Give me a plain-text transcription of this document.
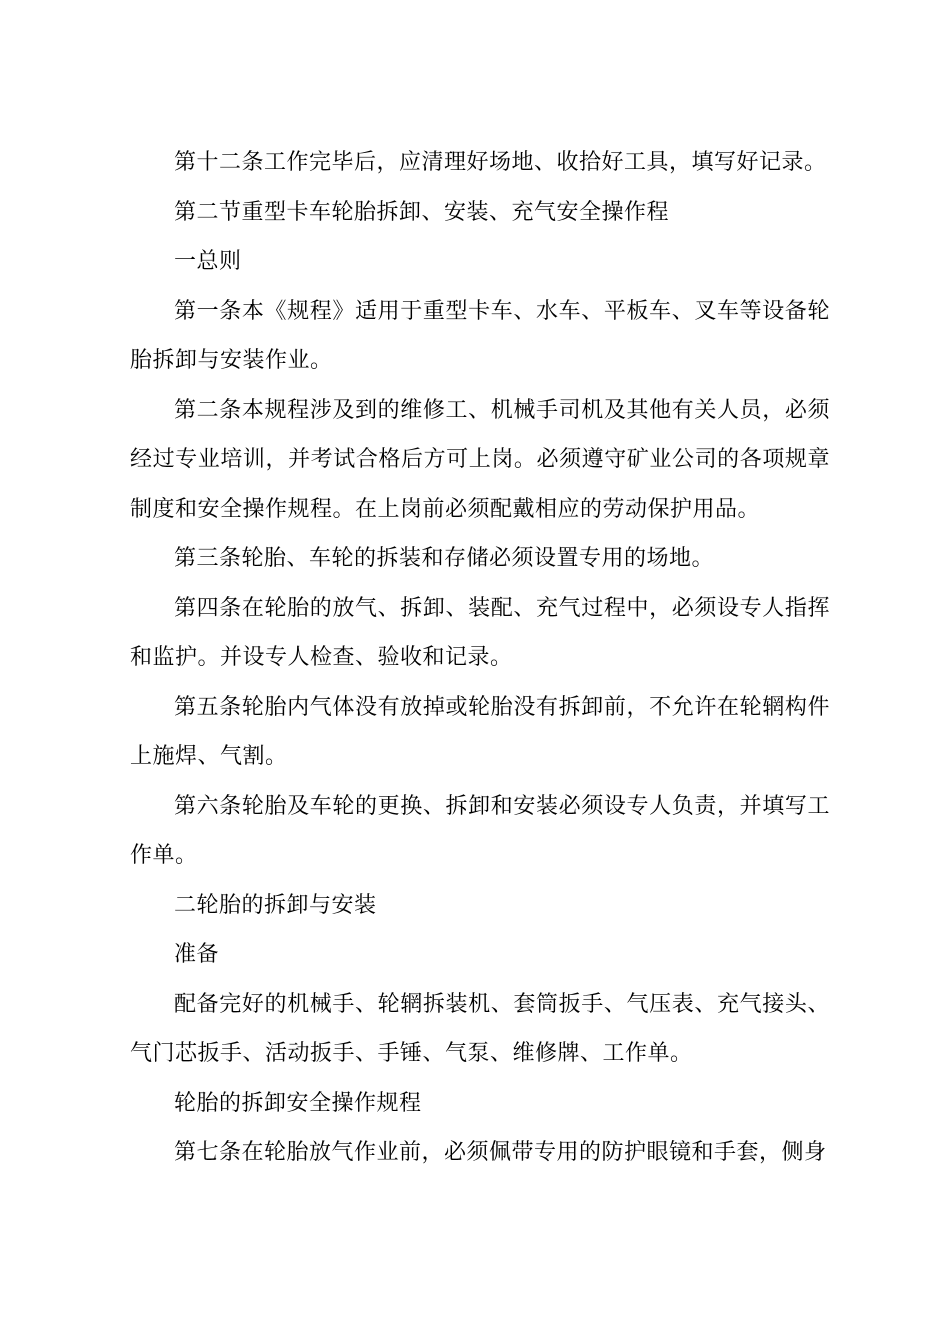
第十二条工作完毕后，应清理好场地、收拾好工具，填写好记录。

第二节重型卡车轮胎拆卸、安装、充气安全操作程

一总则

第一条本《规程》适用于重型卡车、水车、平板车、叉车等设备轮胎拆卸与安装作业。

第二条本规程涉及到的维修工、机械手司机及其他有关人员，必须经过专业培训，并考试合格后方可上岗。必须遵守矿业公司的各项规章制度和安全操作规程。在上岗前必须配戴相应的劳动保护用品。

第三条轮胎、车轮的拆装和存储必须设置专用的场地。

第四条在轮胎的放气、拆卸、装配、充气过程中，必须设专人指挥和监护。并设专人检查、验收和记录。

第五条轮胎内气体没有放掉或轮胎没有拆卸前，不允许在轮辋构件上施焊、气割。

第六条轮胎及车轮的更换、拆卸和安装必须设专人负责，并填写工作单。

二轮胎的拆卸与安装

准备

配备完好的机械手、轮辋拆装机、套筒扳手、气压表、充气接头、气门芯扳手、活动扳手、手锤、气泵、维修牌、工作单。

轮胎的拆卸安全操作规程

第七条在轮胎放气作业前，必须佩带专用的防护眼镜和手套，侧身
